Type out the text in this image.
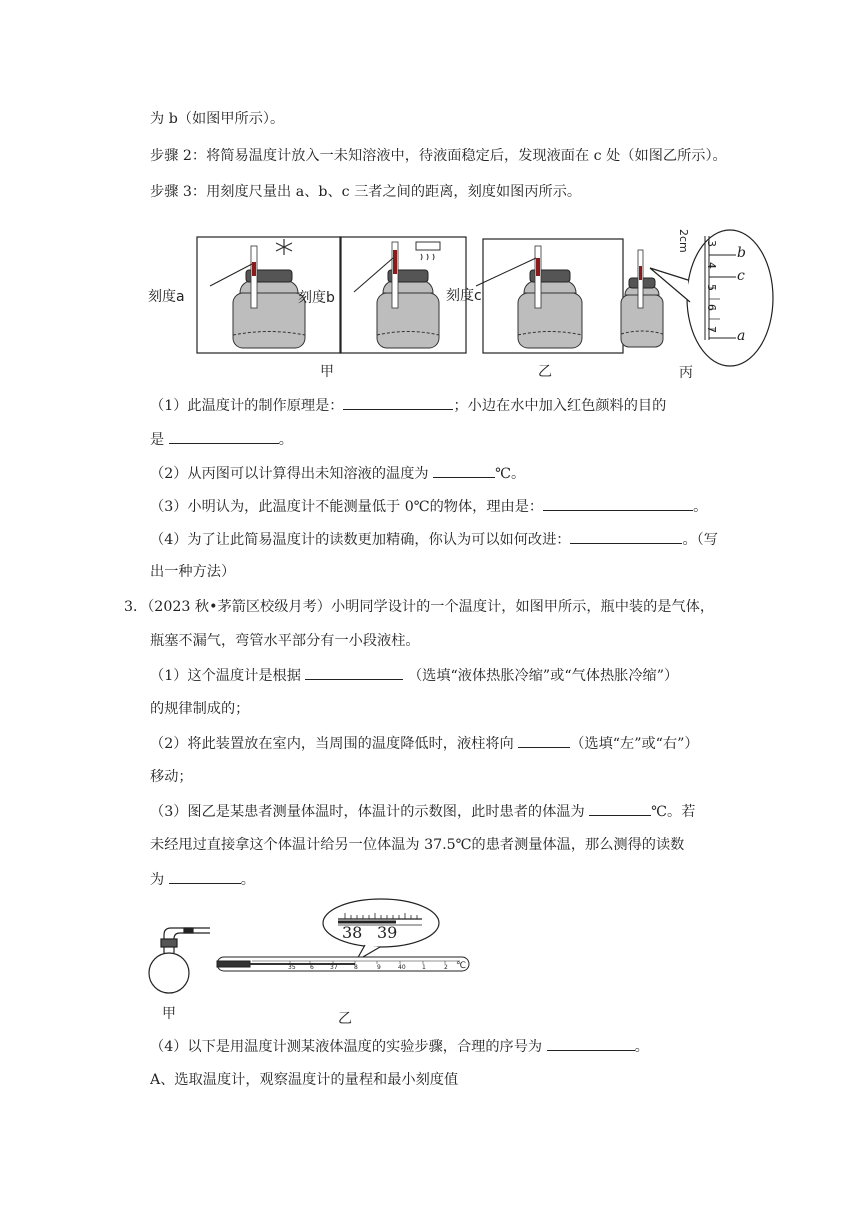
为 b（如图甲所示）。
步骤 2：将简易温度计放入一未知溶液中，待液面稳定后，发现液面在 c 处（如图乙所示）。
步骤 3：用刻度尺量出 a、b、c 三者之间的距离，刻度如图丙所示。
刻度a	刻度b	刻度c
2cm
4
5
6
7
3
b
c
a
甲	乙	丙
（1）此温度计的制作原理是：	；小边在水中加入红色颜料的目的
是	。
（2）从丙图可以计算得出未知溶液的温度为	℃。
（3）小明认为，此温度计不能测量低于 0℃的物体，理由是：	。
（4）为了让此简易温度计的读数更加精确，你认为可以如何改进：	。（写
出一种方法）
3．（2023 秋•茅箭区校级月考）小明同学设计的一个温度计，如图甲所示，瓶中装的是气体，
瓶塞不漏气，弯管水平部分有一小段液柱。
（1）这个温度计是根据	（选填“液体热胀冷缩”或“气体热胀冷缩”）
的规律制成的；
（2）将此装置放在室内，当周围的温度降低时，液柱将向	（选填“左”或“右”）
移动；
（3）图乙是某患者测量体温时，体温计的示数图，此时患者的体温为	℃。若
未经甩过直接拿这个体温计给另一位体温为 37.5℃的患者测量体温，那么测得的读数
为	。
38 39
35 6	37	8	9	40	1	2 ℃
甲	乙
（4）以下是用温度计测某液体温度的实验步骤，合理的序号为	。
A、选取温度计，观察温度计的量程和最小刻度值
